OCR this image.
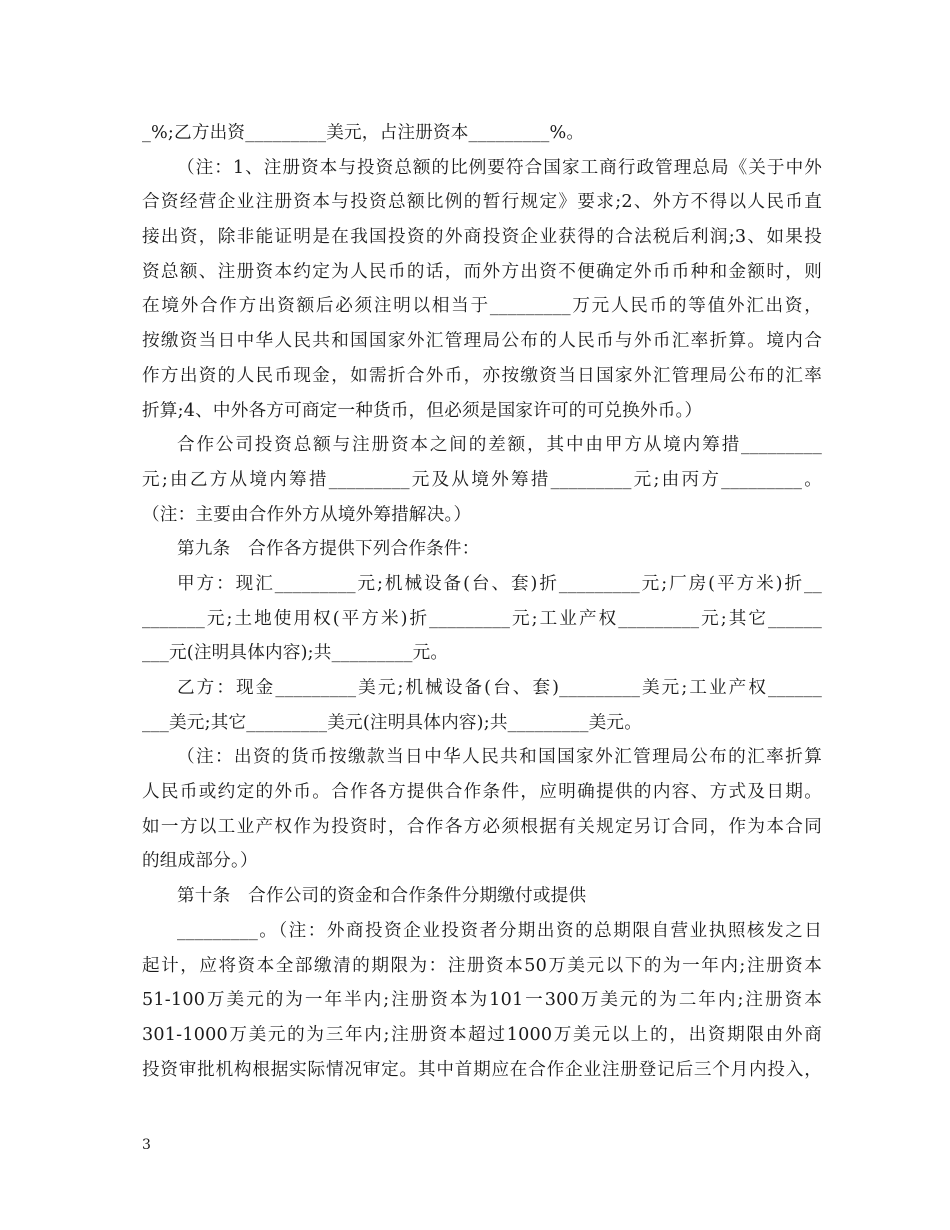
_%;乙方出资_________美元，占注册资本_________%。
（注：1、注册资本与投资总额的比例要符合国家工商行政管理总局《关于中外
合资经营企业注册资本与投资总额比例的暂行规定》要求;2、外方不得以人民币直
接出资，除非能证明是在我国投资的外商投资企业获得的合法税后利润;3、如果投
资总额、注册资本约定为人民币的话，而外方出资不便确定外币币种和金额时，则
在境外合作方出资额后必须注明以相当于_________万元人民币的等值外汇出资，
按缴资当日中华人民共和国国家外汇管理局公布的人民币与外币汇率折算。境内合
作方出资的人民币现金，如需折合外币，亦按缴资当日国家外汇管理局公布的汇率
折算;4、中外各方可商定一种货币，但必须是国家许可的可兑换外币。）
合作公司投资总额与注册资本之间的差额，其中由甲方从境内筹措_________
元;由乙方从境内筹措_________元及从境外筹措_________元;由丙方_________。
（注：主要由合作外方从境外筹措解决。）
第九条　合作各方提供下列合作条件：
甲方：现汇_________元;机械设备(台、套)折_________元;厂房(平方米)折__
_______元;土地使用权(平方米)折_________元;工业产权_________元;其它______
___元(注明具体内容);共_________元。
乙方：现金_________美元;机械设备(台、套)_________美元;工业产权______
___美元;其它_________美元(注明具体内容);共_________美元。
（注：出资的货币按缴款当日中华人民共和国国家外汇管理局公布的汇率折算
人民币或约定的外币。合作各方提供合作条件，应明确提供的内容、方式及日期。
如一方以工业产权作为投资时，合作各方必须根据有关规定另订合同，作为本合同
的组成部分。）
第十条　合作公司的资金和合作条件分期缴付或提供
_________。（注：外商投资企业投资者分期出资的总期限自营业执照核发之日
起计，应将资本全部缴清的期限为：注册资本50万美元以下的为一年内;注册资本
51-100万美元的为一年半内;注册资本为101一300万美元的为二年内;注册资本
301-1000万美元的为三年内;注册资本超过1000万美元以上的，出资期限由外商
投资审批机构根据实际情况审定。其中首期应在合作企业注册登记后三个月内投入，
3
